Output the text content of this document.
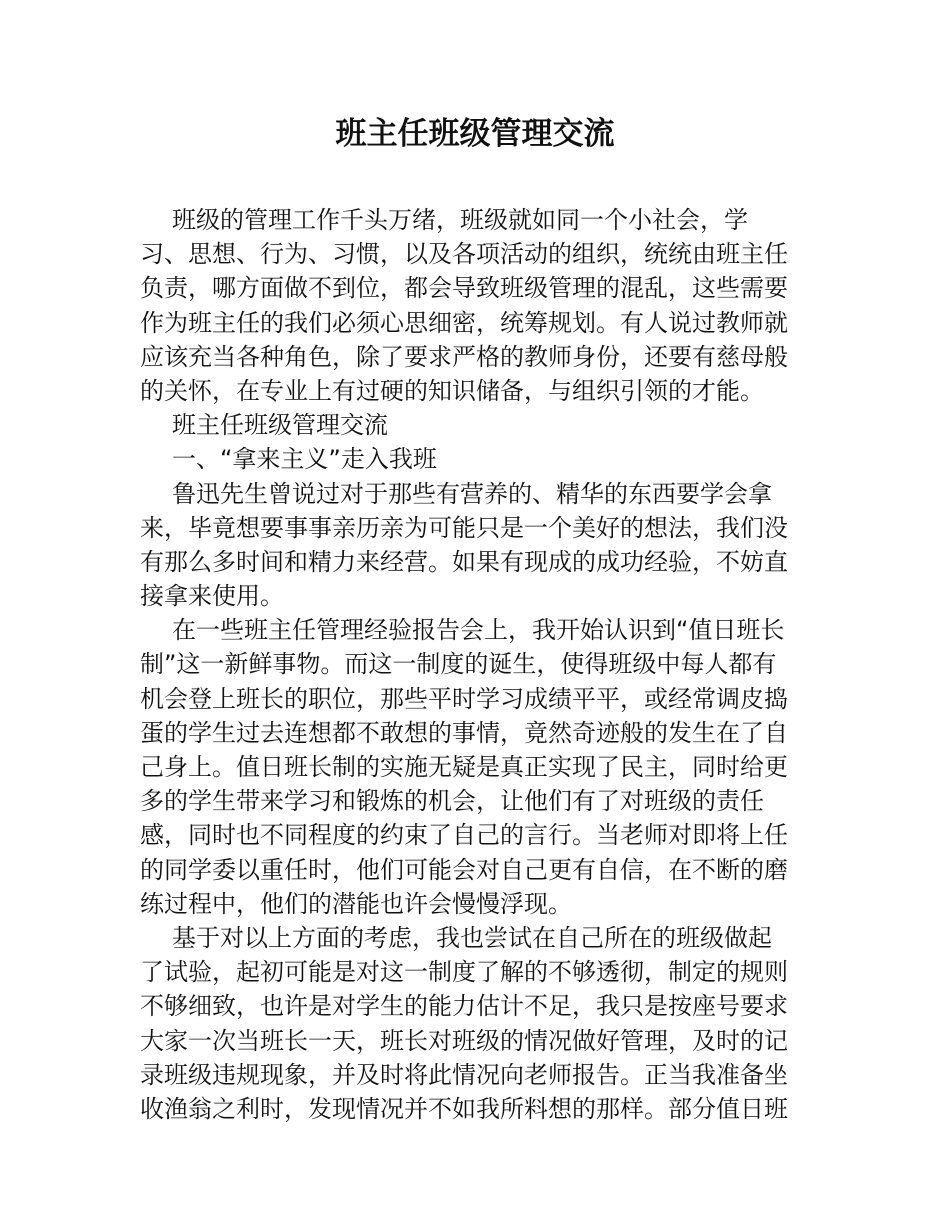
班主任班级管理交流
班级的管理工作千头万绪，班级就如同一个小社会，学
习、思想、行为、习惯，以及各项活动的组织，统统由班主任
负责，哪方面做不到位，都会导致班级管理的混乱，这些需要
作为班主任的我们必须心思细密，统筹规划。有人说过教师就
应该充当各种角色，除了要求严格的教师身份，还要有慈母般
的关怀，在专业上有过硬的知识储备，与组织引领的才能。
班主任班级管理交流
一、“拿来主义”走入我班
鲁迅先生曾说过对于那些有营养的、精华的东西要学会拿
来，毕竟想要事事亲历亲为可能只是一个美好的想法，我们没
有那么多时间和精力来经营。如果有现成的成功经验，不妨直
接拿来使用。
在一些班主任管理经验报告会上，我开始认识到“值日班长
制”这一新鲜事物。而这一制度的诞生，使得班级中每人都有
机会登上班长的职位，那些平时学习成绩平平，或经常调皮捣
蛋的学生过去连想都不敢想的事情，竟然奇迹般的发生在了自
己身上。值日班长制的实施无疑是真正实现了民主，同时给更
多的学生带来学习和锻炼的机会，让他们有了对班级的责任
感，同时也不同程度的约束了自己的言行。当老师对即将上任
的同学委以重任时，他们可能会对自己更有自信，在不断的磨
练过程中，他们的潜能也许会慢慢浮现。
基于对以上方面的考虑，我也尝试在自己所在的班级做起
了试验，起初可能是对这一制度了解的不够透彻，制定的规则
不够细致，也许是对学生的能力估计不足，我只是按座号要求
大家一次当班长一天，班长对班级的情况做好管理，及时的记
录班级违规现象，并及时将此情况向老师报告。正当我准备坐
收渔翁之利时，发现情况并不如我所料想的那样。部分值日班
